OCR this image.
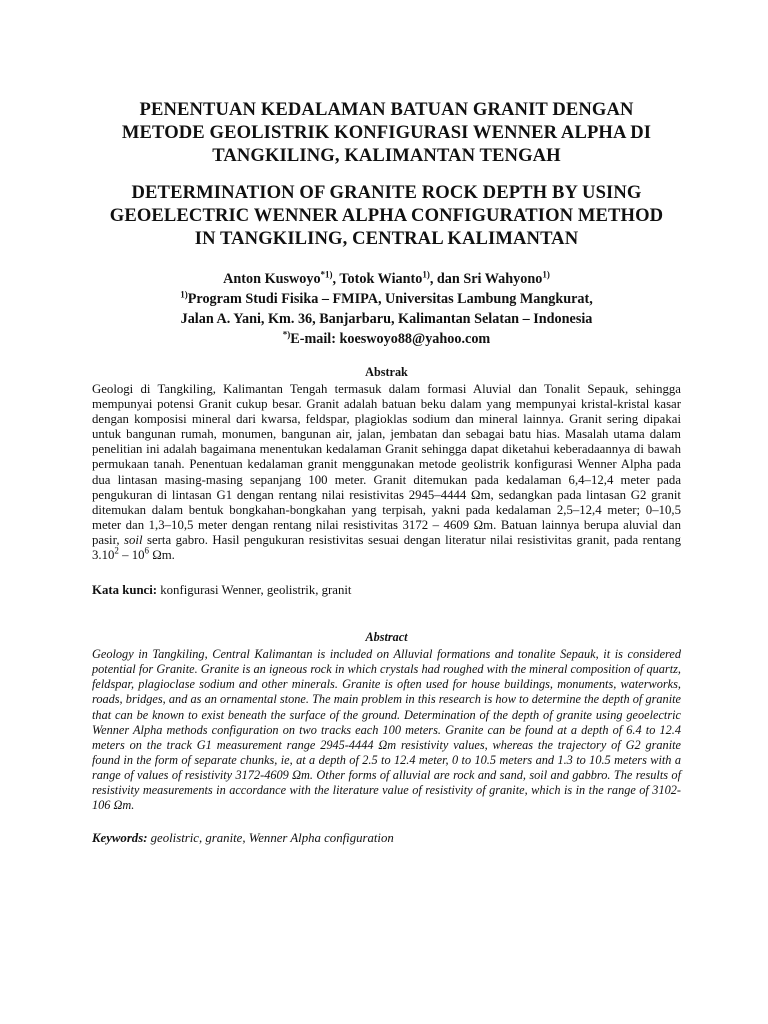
PENENTUAN KEDALAMAN BATUAN GRANIT DENGAN
METODE GEOLISTRIK KONFIGURASI WENNER ALPHA DI
TANGKILING, KALIMANTAN TENGAH
DETERMINATION OF GRANITE ROCK DEPTH BY USING
GEOELECTRIC WENNER ALPHA CONFIGURATION METHOD
IN TANGKILING, CENTRAL KALIMANTAN

Anton Kuswoyo$^{*1)}$, Totok Wianto$^{1)}$, dan Sri Wahyono$^{1)}$

$^{1)}$Program Studi Fisika – FMIPA, Universitas Lambung Mangkurat,

Jalan A. Yani, Km. 36, Banjarbaru, Kalimantan Selatan – Indonesia

*)E-mail: koeswoyo88@yahoo.com

Abstrak

Geologi di Tangkiling, Kalimantan Tengah termasuk dalam formasi Aluvial dan Tonalit Sepauk, sehingga mempunyai potensi Granit cukup besar. Granit adalah batuan beku dalam yang mempunyai kristal-kristal kasar dengan komposisi mineral dari kwarsa, feldspar, plagioklas sodium dan mineral lainnya. Granit sering dipakai untuk bangunan rumah, monumen, bangunan air, jalan, jembatan dan sebagai batu hias. Masalah utama dalam penelitian ini adalah bagaimana menentukan kedalaman Granit sehingga dapat diketahui keberadaannya di bawah permukaan tanah. Penentuan kedalaman granit menggunakan metode geolistrik konfigurasi Wenner Alpha pada dua lintasan masing-masing sepanjang 100 meter. Granit ditemukan pada kedalaman 6,4–12,4 meter pada pengukuran di lintasan G1 dengan rentang nilai resistivitas 2945–4444 Ωm, sedangkan pada lintasan G2 granit ditemukan dalam bentuk bongkahan-bongkahan yang terpisah, yakni pada kedalaman 2,5–12,4 meter; 0–10,5 meter dan 1,3–10,5 meter dengan rentang nilai resistivitas 3172 – 4609 Ωm. Batuan lainnya berupa aluvial dan pasir, soil serta gabro. Hasil pengukuran resistivitas sesuai dengan literatur nilai resistivitas granit, pada rentang $3.10^2 - 10^6$ Ωm.

Kata kunci: konfigurasi Wenner, geolistrik, granit

Abstract

Geology in Tangkiling, Central Kalimantan is included on Alluvial formations and tonalite Sepauk, it is considered potential for Granite. Granite is an igneous rock in which crystals had roughed with the mineral composition of quartz, feldspar, plagioclase sodium and other minerals. Granite is often used for house buildings, monuments, waterworks, roads, bridges, and as an ornamental stone. The main problem in this research is how to determine the depth of granite that can be known to exist beneath the surface of the ground. Determination of the depth of granite using geoelectric Wenner Alpha methods configuration on two tracks each 100 meters. Granite can be found at a depth of 6.4 to 12.4 meters on the track G1 measurement range 2945-4444 Ωm resistivity values, whereas the trajectory of G2 granite found in the form of separate chunks, ie, at a depth of 2.5 to 12.4 meter, 0 to 10.5 meters and 1.3 to 10.5 meters with a range of values of resistivity 3172-4609 Ωm. Other forms of alluvial are rock and sand, soil and gabbro. The results of resistivity measurements in accordance with the literature value of resistivity of granite, which is in the range of 3102-106 Ωm.

Keywords: geolistric, granite, Wenner Alpha configuration
